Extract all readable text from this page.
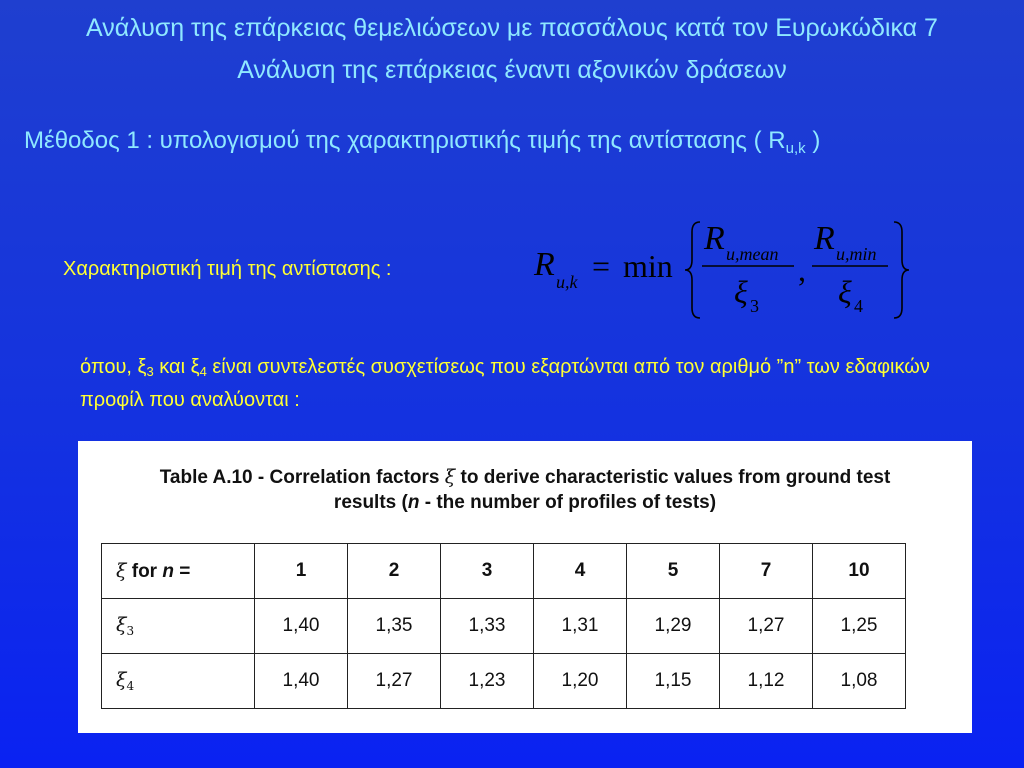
Ανάλυση της επάρκειας θεμελιώσεων με πασσάλους κατά τον Ευρωκώδικα 7
Ανάλυση της επάρκειας έναντι αξονικών δράσεων
Μέθοδος 1 : υπολογισμού της χαρακτηριστικής τιμής της αντίστασης ( $R_{u,k}$ )
Χαρακτηριστική τιμή της αντίστασης :	R u,k = min
R u,mean
ξ 3
,
R u,min
ξ 4
όπου, $\xi_3$ και $\xi_4$ είναι συντελεστές συσχετίσεως που εξαρτώνται από τον αριθμό ”n” των εδαφικών προφίλ που αναλύονται :
Table A.10 - Correlation factors ξ to derive characteristic values from ground test
results (n - the number of profiles of tests)
ξ for n =	1	2	3	4	5	7	10
$\xi_3$	1,40	1,35	1,33	1,31	1,29	1,27	1,25
$\xi_4$	1,40	1,27	1,23	1,20	1,15	1,12	1,08
